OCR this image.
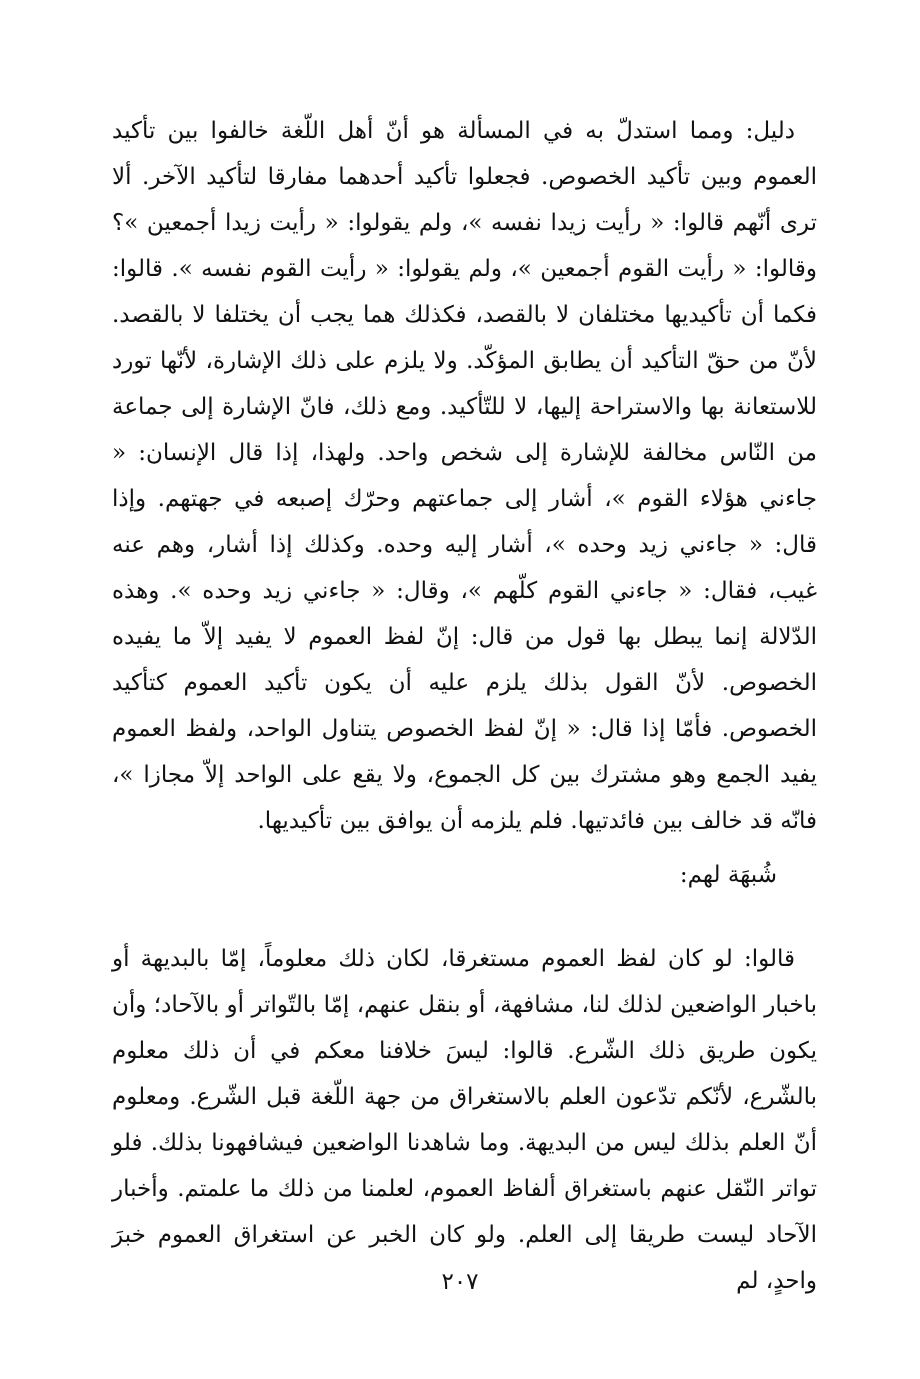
دليل: ومما استدلّ به في المسألة هو أنّ أهل اللّغة خالفوا بين تأكيد العموم وبين تأكيد الخصوص. فجعلوا تأكيد أحدهما مفارقا لتأكيد الآخر. ألا ترى أنّهم قالوا: « رأيت زيدا نفسه »، ولم يقولوا: « رأيت زيدا أجمعين »؟ وقالوا: « رأيت القوم أجمعين »، ولم يقولوا: « رأيت القوم نفسه ». قالوا: فكما أن تأكيديها مختلفان لا بالقصد، فكذلك هما يجب أن يختلفا لا بالقصد. لأنّ من حقّ التأكيد أن يطابق المؤكّد. ولا يلزم على ذلك الإشارة، لأنّها تورد للاستعانة بها والاستراحة إليها، لا للتّأكيد. ومع ذلك، فانّ الإشارة إلى جماعة من النّاس مخالفة للإشارة إلى شخص واحد. ولهذا، إذا قال الإنسان: « جاءني هؤلاء القوم »، أشار إلى جماعتهم وحرّك إصبعه في جهتهم. وإذا قال: « جاءني زيد وحده »، أشار إليه وحده. وكذلك إذا أشار، وهم عنه غيب، فقال: « جاءني القوم كلّهم »، وقال: « جاءني زيد وحده ». وهذه الدّلالة إنما يبطل بها قول من قال: إنّ لفظ العموم لا يفيد إلاّ ما يفيده الخصوص. لأنّ القول بذلك يلزم عليه أن يكون تأكيد العموم كتأكيد الخصوص. فأمّا إذا قال: « إنّ لفظ الخصوص يتناول الواحد، ولفظ العموم يفيد الجمع وهو مشترك بين كل الجموع، ولا يقع على الواحد إلاّ مجازا »، فانّه قد خالف بين فائدتيها. فلم يلزمه أن يوافق بين تأكيديها.

شُبهَة لهم:

قالوا: لو كان لفظ العموم مستغرقا، لكان ذلك معلوماً، إمّا بالبديهة أو باخبار الواضعين لذلك لنا، مشافهة، أو بنقل عنهم، إمّا بالتّواتر أو بالآحاد؛ وأن يكون طريق ذلك الشّرع. قالوا: ليسَ خلافنا معكم في أن ذلك معلوم بالشّرع، لأنّكم تدّعون العلم بالاستغراق من جهة اللّغة قبل الشّرع. ومعلوم أنّ العلم بذلك ليس من البديهة. وما شاهدنا الواضعين فيشافهونا بذلك. فلو تواتر النّقل عنهم باستغراق ألفاظ العموم، لعلمنا من ذلك ما علمتم. وأخبار الآحاد ليست طريقا إلى العلم. ولو كان الخبر عن استغراق العموم خبرَ واحدٍ، لم

٢٠٧
